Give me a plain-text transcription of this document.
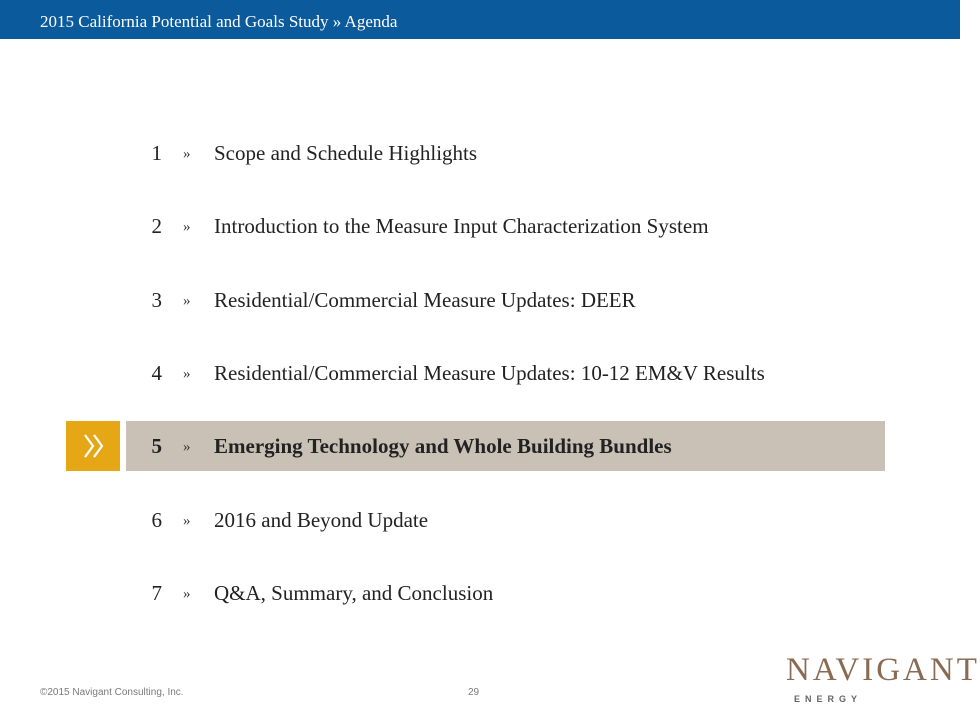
2015 California Potential and Goals Study » Agenda
1 » Scope and Schedule Highlights
2 » Introduction to the Measure Input Characterization System
3 » Residential/Commercial Measure Updates: DEER
4 » Residential/Commercial Measure Updates: 10-12 EM&V Results
5 » Emerging Technology and Whole Building Bundles
6 » 2016 and Beyond Update
7 » Q&A, Summary, and Conclusion
©2015 Navigant Consulting, Inc.	29
NAVIGANT
ENERGY
